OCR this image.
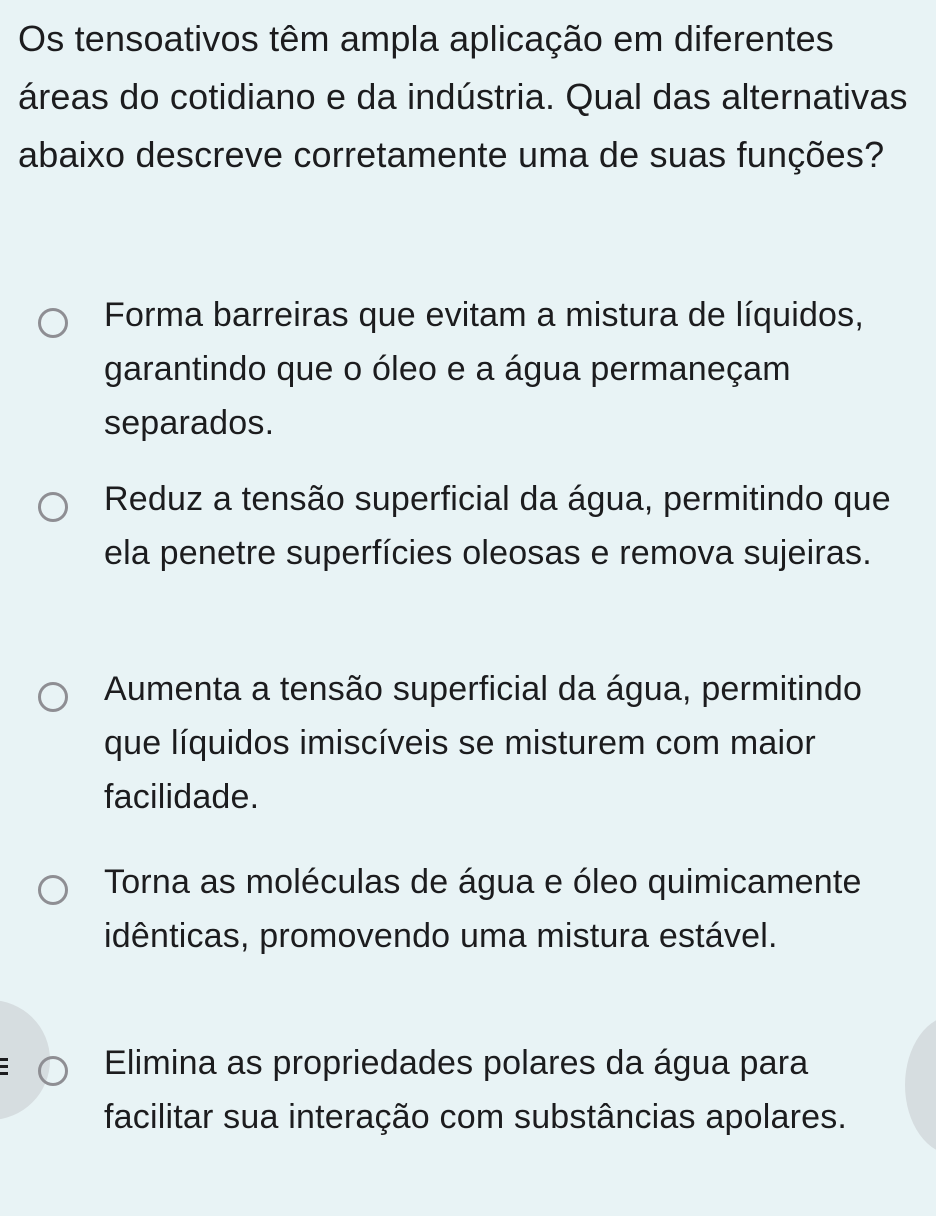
Os tensoativos têm ampla aplicação em diferentes áreas do cotidiano e da indústria. Qual das alternativas abaixo descreve corretamente uma de suas funções?

Forma barreiras que evitam a mistura de líquidos, garantindo que o óleo e a água permaneçam separados.
Reduz a tensão superficial da água, permitindo que ela penetre superfícies oleosas e remova sujeiras.
Aumenta a tensão superficial da água, permitindo que líquidos imiscíveis se misturem com maior facilidade.
Torna as moléculas de água e óleo quimicamente idênticas, promovendo uma mistura estável.
Elimina as propriedades polares da água para facilitar sua interação com substâncias apolares.
